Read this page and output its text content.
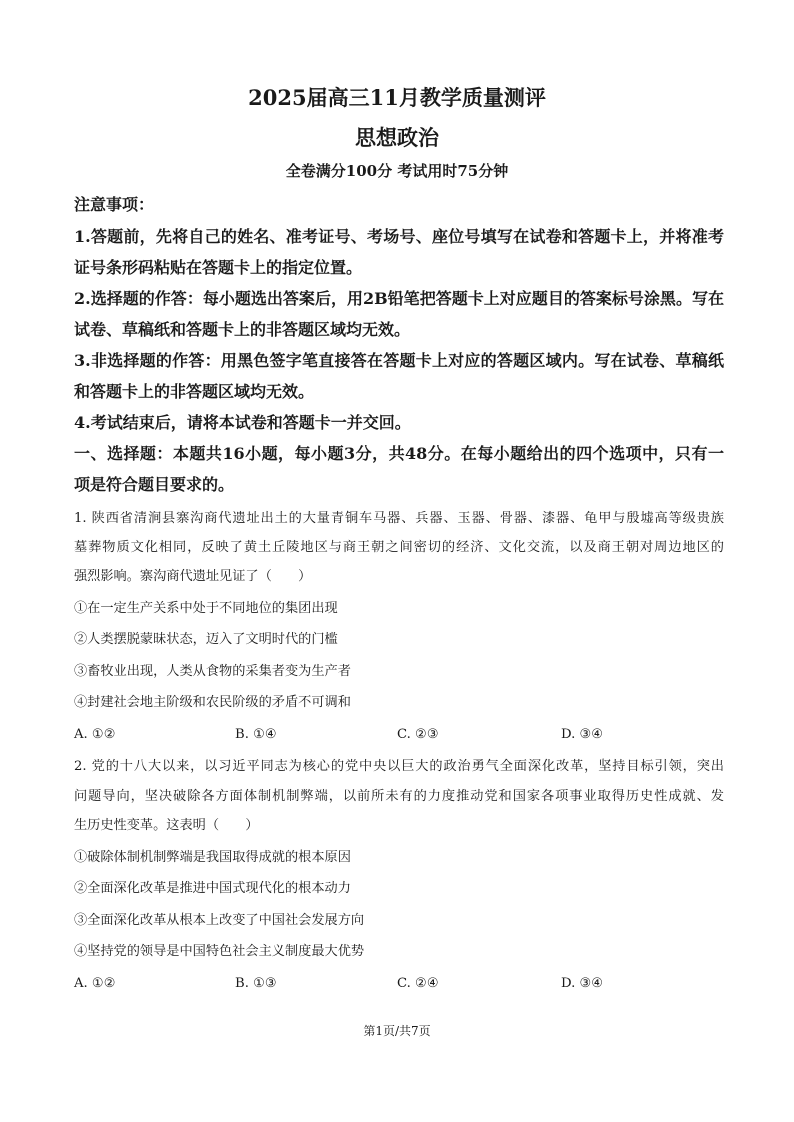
2025届高三11月教学质量测评
思想政治
全卷满分100分 考试用时75分钟
注意事项：
1.答题前，先将自己的姓名、准考证号、考场号、座位号填写在试卷和答题卡上，并将准考
证号条形码粘贴在答题卡上的指定位置。
2.选择题的作答：每小题选出答案后，用2B铅笔把答题卡上对应题目的答案标号涂黑。写在
试卷、草稿纸和答题卡上的非答题区域均无效。
3.非选择题的作答：用黑色签字笔直接答在答题卡上对应的答题区域内。写在试卷、草稿纸
和答题卡上的非答题区域均无效。
4.考试结束后，请将本试卷和答题卡一并交回。
一、选择题：本题共16小题，每小题3分，共48分。在每小题给出的四个选项中，只有一
项是符合题目要求的。
1. 陕西省清涧县寨沟商代遗址出土的大量青铜车马器、兵器、玉器、骨器、漆器、龟甲与殷墟高等级贵族
墓葬物质文化相同，反映了黄土丘陵地区与商王朝之间密切的经济、文化交流，以及商王朝对周边地区的
强烈影响。寨沟商代遗址见证了（　　）
①在一定生产关系中处于不同地位的集团出现
②人类摆脱蒙昧状态，迈入了文明时代的门槛
③畜牧业出现，人类从食物的采集者变为生产者
④封建社会地主阶级和农民阶级的矛盾不可调和
A. ①②	B. ①④	C. ②③	D. ③④
2. 党的十八大以来，以习近平同志为核心的党中央以巨大的政治勇气全面深化改革，坚持目标引领，突出
问题导向，坚决破除各方面体制机制弊端，以前所未有的力度推动党和国家各项事业取得历史性成就、发
生历史性变革。这表明（　　）
①破除体制机制弊端是我国取得成就的根本原因
②全面深化改革是推进中国式现代化的根本动力
③全面深化改革从根本上改变了中国社会发展方向
④坚持党的领导是中国特色社会主义制度最大优势
A. ①②	B. ①③	C. ②④	D. ③④
第1页/共7页
